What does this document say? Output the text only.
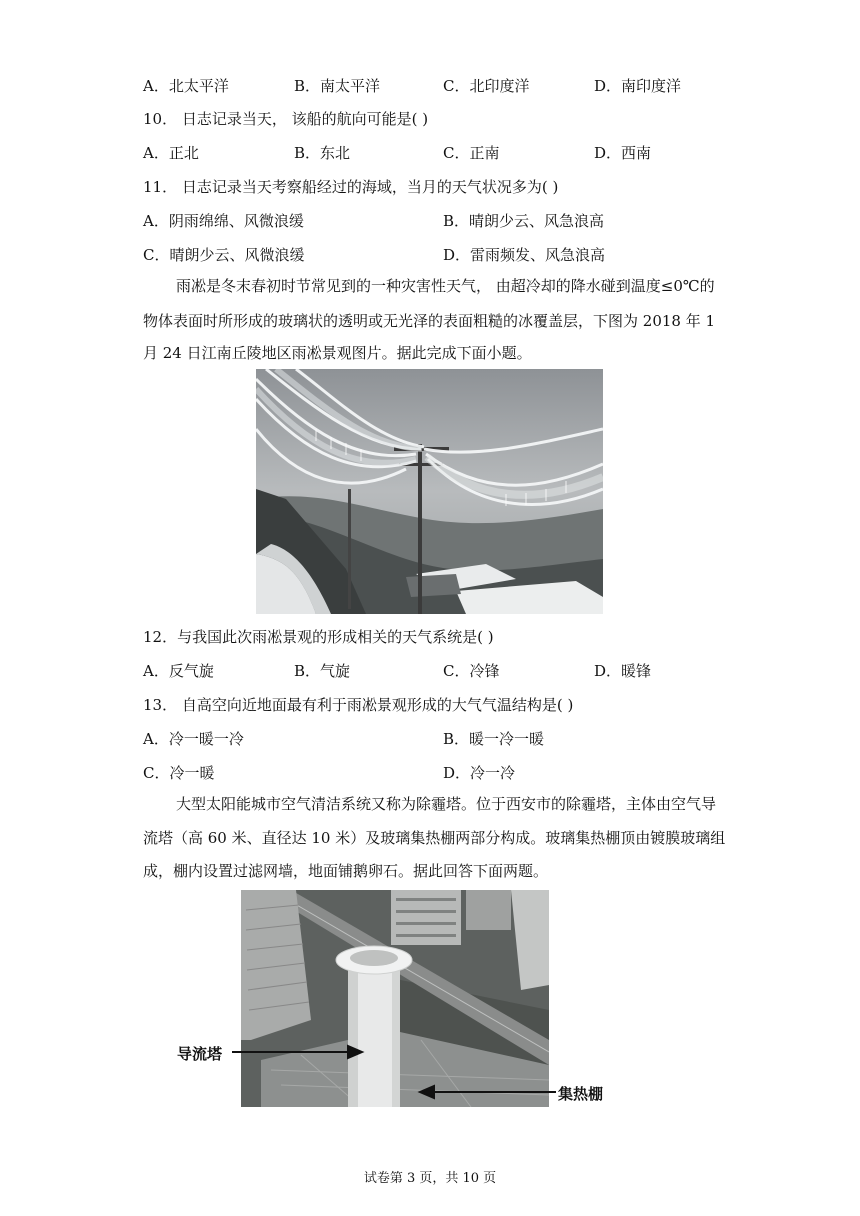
A．北太平洋	B．南太平洋	C．北印度洋	D．南印度洋
10． 日志记录当天， 该船的航向可能是( )
A．正北	B．东北	C．正南	D．西南
11． 日志记录当天考察船经过的海域，当月的天气状况多为( )
A．阴雨绵绵、风微浪缓	B．晴朗少云、风急浪高
C．晴朗少云、风微浪缓	D．雷雨频发、风急浪高
雨凇是冬末春初时节常见到的一种灾害性天气， 由超冷却的降水碰到温度≤0℃的
物体表面时所形成的玻璃状的透明或无光泽的表面粗糙的冰覆盖层，下图为 2018 年 1
月 24 日江南丘陵地区雨凇景观图片。据此完成下面小题。
12．与我国此次雨凇景观的形成相关的天气系统是( )
A．反气旋	B．气旋	C．冷锋	D．暖锋
13． 自高空向近地面最有利于雨凇景观形成的大气气温结构是( )
A．冷一暖一冷	B．暖一冷一暖
C．冷一暖	D．冷一冷
大型太阳能城市空气清洁系统又称为除霾塔。位于西安市的除霾塔，主体由空气导
流塔（高 60 米、直径达 10 米）及玻璃集热棚两部分构成。玻璃集热棚顶由镀膜玻璃组
成，棚内设置过滤网墙，地面铺鹅卵石。据此回答下面两题。
导流塔
集热棚
试卷第 3 页，共 10 页
